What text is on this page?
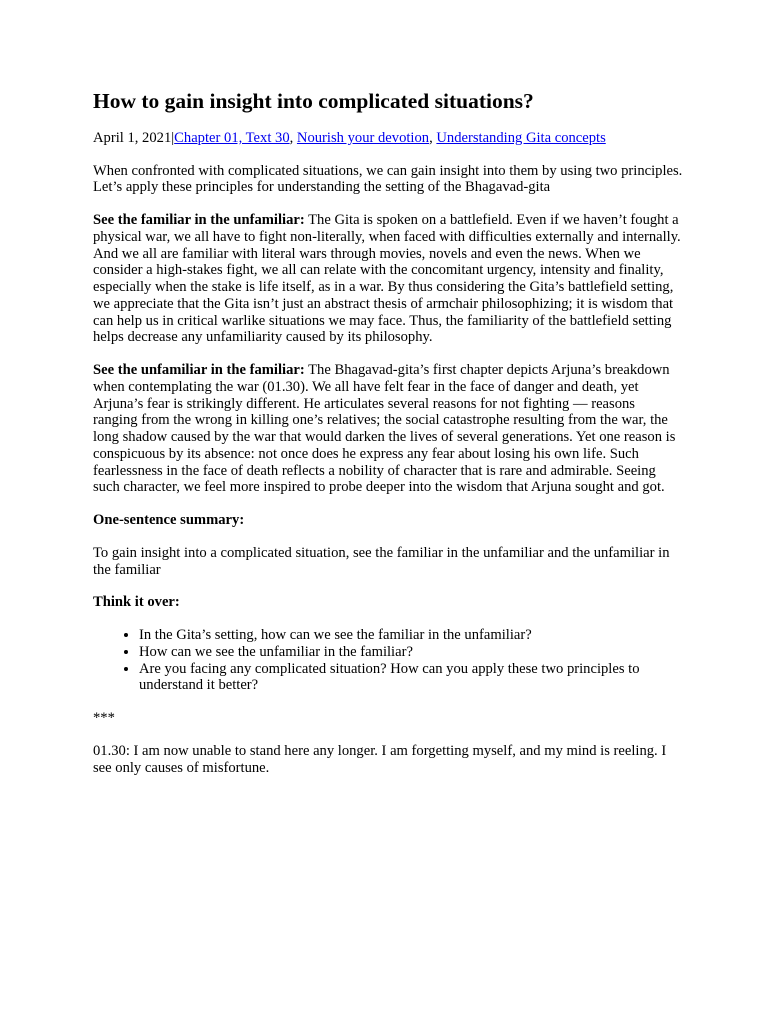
How to gain insight into complicated situations?
April 1, 2021|Chapter 01, Text 30, Nourish your devotion, Understanding Gita concepts

When confronted with complicated situations, we can gain insight into them by using two principles. Let’s apply these principles for understanding the setting of the Bhagavad-gita

See the familiar in the unfamiliar: The Gita is spoken on a battlefield. Even if we haven’t fought a physical war, we all have to fight non-literally, when faced with difficulties externally and internally. And we all are familiar with literal wars through movies, novels and even the news. When we consider a high-stakes fight, we all can relate with the concomitant urgency, intensity and finality, especially when the stake is life itself, as in a war. By thus considering the Gita’s battlefield setting, we appreciate that the Gita isn’t just an abstract thesis of armchair philosophizing; it is wisdom that can help us in critical warlike situations we may face. Thus, the familiarity of the battlefield setting helps decrease any unfamiliarity caused by its philosophy.

See the unfamiliar in the familiar: The Bhagavad-gita’s first chapter depicts Arjuna’s breakdown when contemplating the war (01.30). We all have felt fear in the face of danger and death, yet Arjuna’s fear is strikingly different. He articulates several reasons for not fighting — reasons ranging from the wrong in killing one’s relatives; the social catastrophe resulting from the war, the long shadow caused by the war that would darken the lives of several generations. Yet one reason is conspicuous by its absence: not once does he express any fear about losing his own life. Such fearlessness in the face of death reflects a nobility of character that is rare and admirable. Seeing such character, we feel more inspired to probe deeper into the wisdom that Arjuna sought and got.

One-sentence summary:

To gain insight into a complicated situation, see the familiar in the unfamiliar and the unfamiliar in the familiar

Think it over:

• In the Gita’s setting, how can we see the familiar in the unfamiliar?
• How can we see the unfamiliar in the familiar?
• Are you facing any complicated situation? How can you apply these two principles to understand it better?

***

01.30: I am now unable to stand here any longer. I am forgetting myself, and my mind is reeling. I see only causes of misfortune.
